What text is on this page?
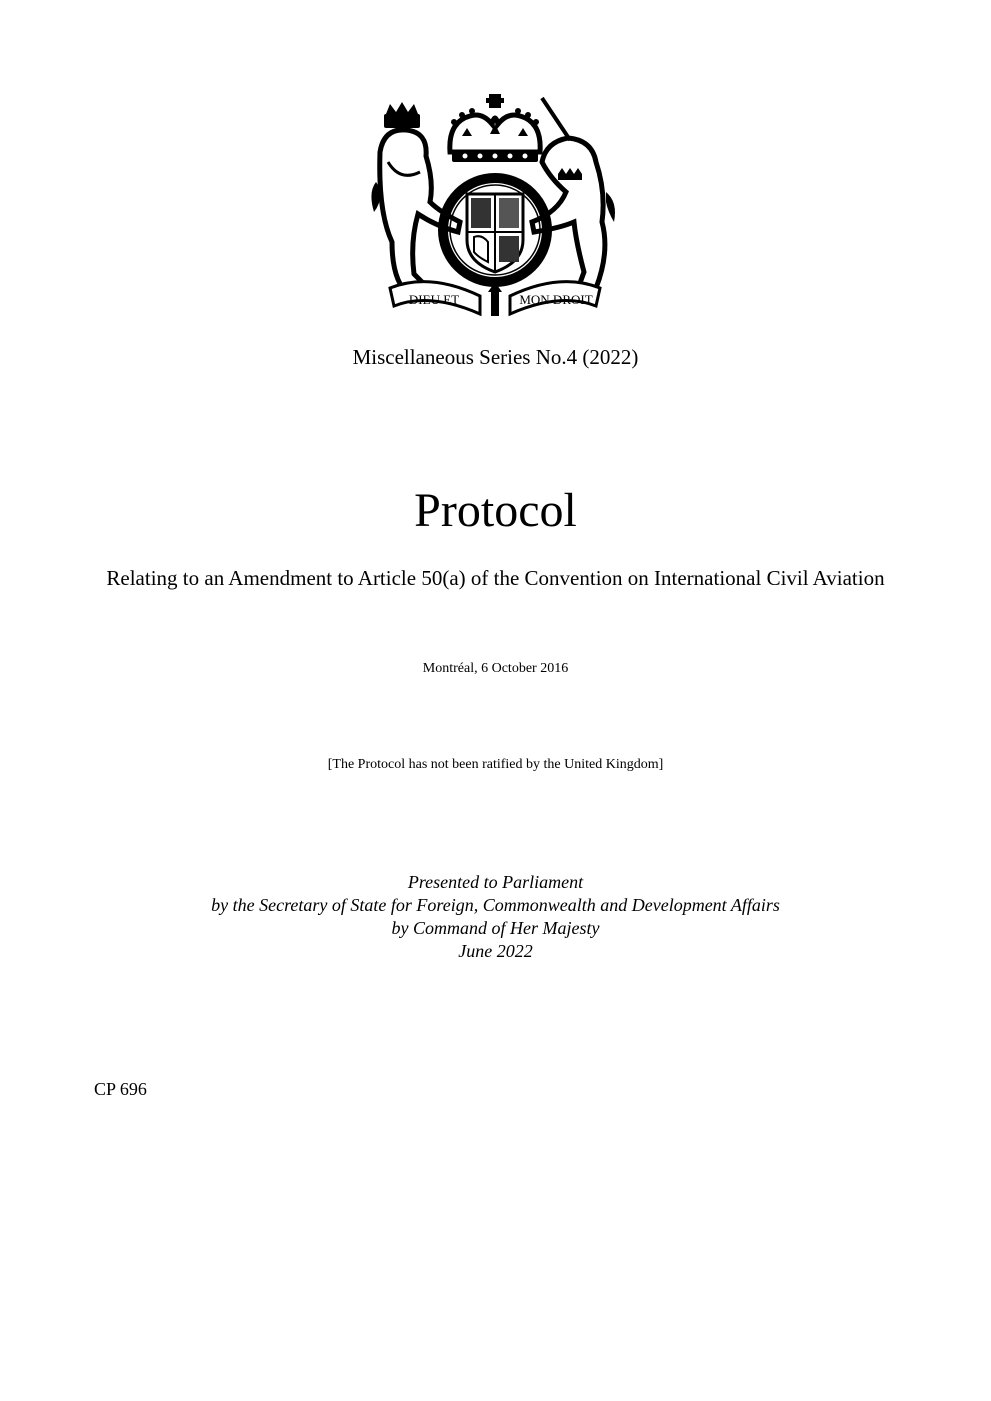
DIEU ET	MON DROIT
Miscellaneous Series No.4 (2022)
Protocol
Relating to an Amendment to Article 50(a) of the Convention on International Civil Aviation
Montréal, 6 October 2016
[The Protocol has not been ratified by the United Kingdom]
Presented to Parliament
by the Secretary of State for Foreign, Commonwealth and Development Affairs
by Command of Her Majesty
June 2022
CP 696
